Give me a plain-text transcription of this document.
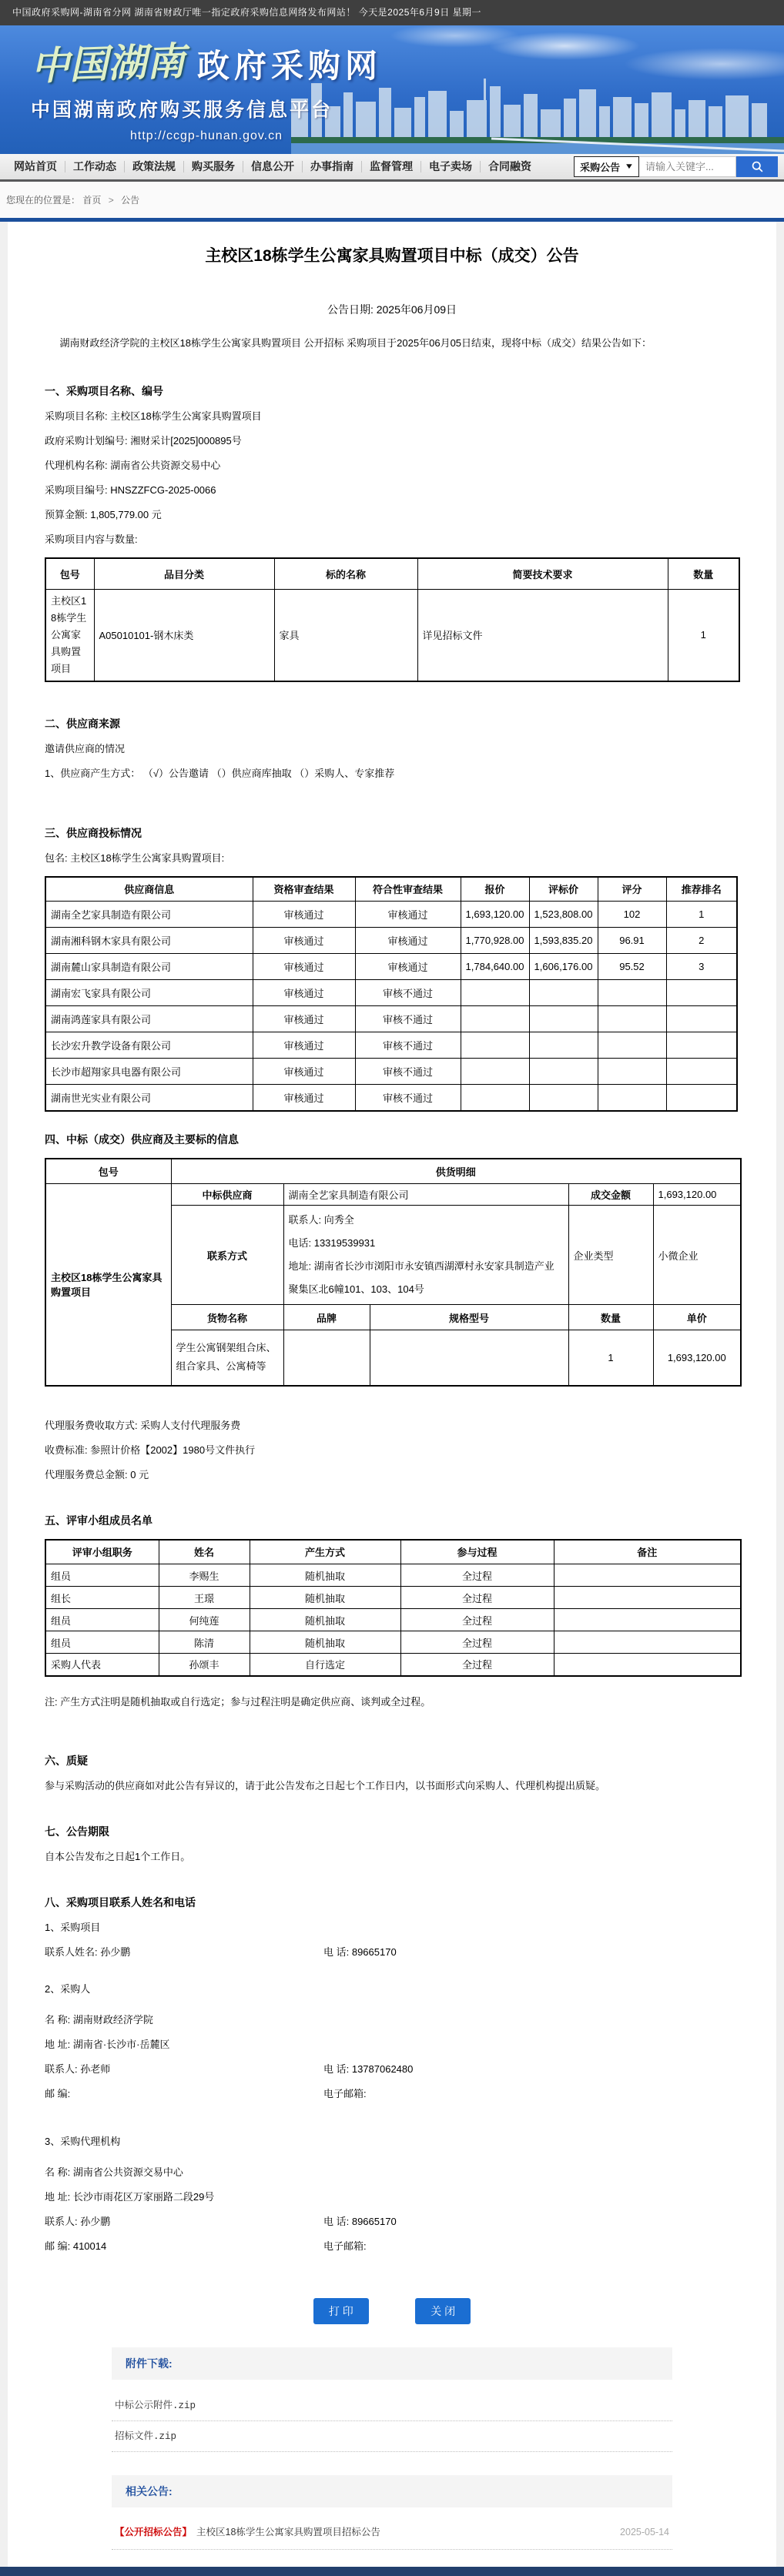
中国政府采购网-湖南省分网 湖南省财政厅唯一指定政府采购信息网络发布网站！ 今天是2025年6月9日 星期一
中国湖南 政府采购网
中国湖南政府购买服务信息平台
http://ccgp-hunan.gov.cn
网站首页	工作动态	政策法规	购买服务	信息公开	办事指南	监督管理	电子卖场	合同融资	采购公告 ▼
请输入关键字...
您现在的位置是： 首页 > 公告
主校区18栋学生公寓家具购置项目中标（成交）公告
公告日期: 2025年06月09日

湖南财政经济学院的主校区18栋学生公寓家具购置项目 公开招标 采购项目于2025年06月05日结束，现将中标（成交）结果公告如下：

一、采购项目名称、编号

采购项目名称: 主校区18栋学生公寓家具购置项目

政府采购计划编号: 湘财采计[2025]000895号

代理机构名称: 湖南省公共资源交易中心

采购项目编号: HNSZZFCG-2025-0066

预算金额: 1,805,779.00 元

采购项目内容与数量:

包号	品目分类	标的名称	简要技术要求	数量
主校区18栋学生公寓家具购置项目	A05010101-钢木床类	家具	详见招标文件	1
二、供应商来源

邀请供应商的情况

1、供应商产生方式： （√）公告邀请 （）供应商库抽取 （）采购人、专家推荐

三、供应商投标情况

包名: 主校区18栋学生公寓家具购置项目:

供应商信息	资格审查结果	符合性审查结果	报价	评标价	评分	推荐排名
湖南全艺家具制造有限公司	审核通过	审核通过	1,693,120.00	1,523,808.00	102	1
湖南湘科钢木家具有限公司	审核通过	审核通过	1,770,928.00	1,593,835.20	96.91	2
湖南麓山家具制造有限公司	审核通过	审核通过	1,784,640.00	1,606,176.00	95.52	3
湖南宏飞家具有限公司	审核通过	审核不通过				
湖南鸿莲家具有限公司	审核通过	审核不通过				
长沙宏升教学设备有限公司	审核通过	审核不通过				
长沙市超翔家具电器有限公司	审核通过	审核不通过				
湖南世光实业有限公司	审核通过	审核不通过				
四、中标（成交）供应商及主要标的信息
包号	供货明细				
主校区18栋学生公寓家具购置项目	中标供应商	湖南全艺家具制造有限公司		成交金额	1,693,120.00
	联系方式	联系人: 向秀全
电话: 13319539931
地址: 湖南省长沙市浏阳市永安镇西湖潭村永安家具制造产业聚集区北6幢101、103、104号		企业类型	小微企业
	货物名称	品牌	规格型号	数量	单价
	学生公寓钢架组合床、组合家具、公寓椅等			1	1,693,120.00

代理服务费收取方式: 采购人支付代理服务费

收费标准: 参照计价格【2002】1980号文件执行

代理服务费总金额: 0 元

五、评审小组成员名单
评审小组职务	姓名	产生方式	参与过程	备注
组员	李赐生	随机抽取	全过程	
组长	王璟	随机抽取	全过程	
组员	何纯莲	随机抽取	全过程	
组员	陈清	随机抽取	全过程	
采购人代表	孙颂丰	自行选定	全过程	

注: 产生方式注明是随机抽取或自行选定；参与过程注明是确定供应商、谈判或全过程。

六、质疑

参与采购活动的供应商如对此公告有异议的，请于此公告发布之日起七个工作日内，以书面形式向采购人、代理机构提出质疑。

七、公告期限

自本公告发布之日起1个工作日。

八、采购项目联系人姓名和电话

1、采购项目

联系人姓名: 孙少鹏	电 话: 89665170

2、采购人

名 称: 湖南财政经济学院

地 址: 湖南省·长沙市·岳麓区

联系人: 孙老师	电 话: 13787062480
邮 编:	电子邮箱:

3、采购代理机构

名 称: 湖南省公共资源交易中心

地 址: 长沙市雨花区万家丽路二段29号

联系人: 孙少鹏	电 话: 89665170
邮 编: 410014	电子邮箱:
打 印	关 闭
附件下载:
中标公示附件.zip
招标文件.zip
相关公告:
【公开招标公告】 主校区18栋学生公寓家具购置项目招标公告	2025-05-14
